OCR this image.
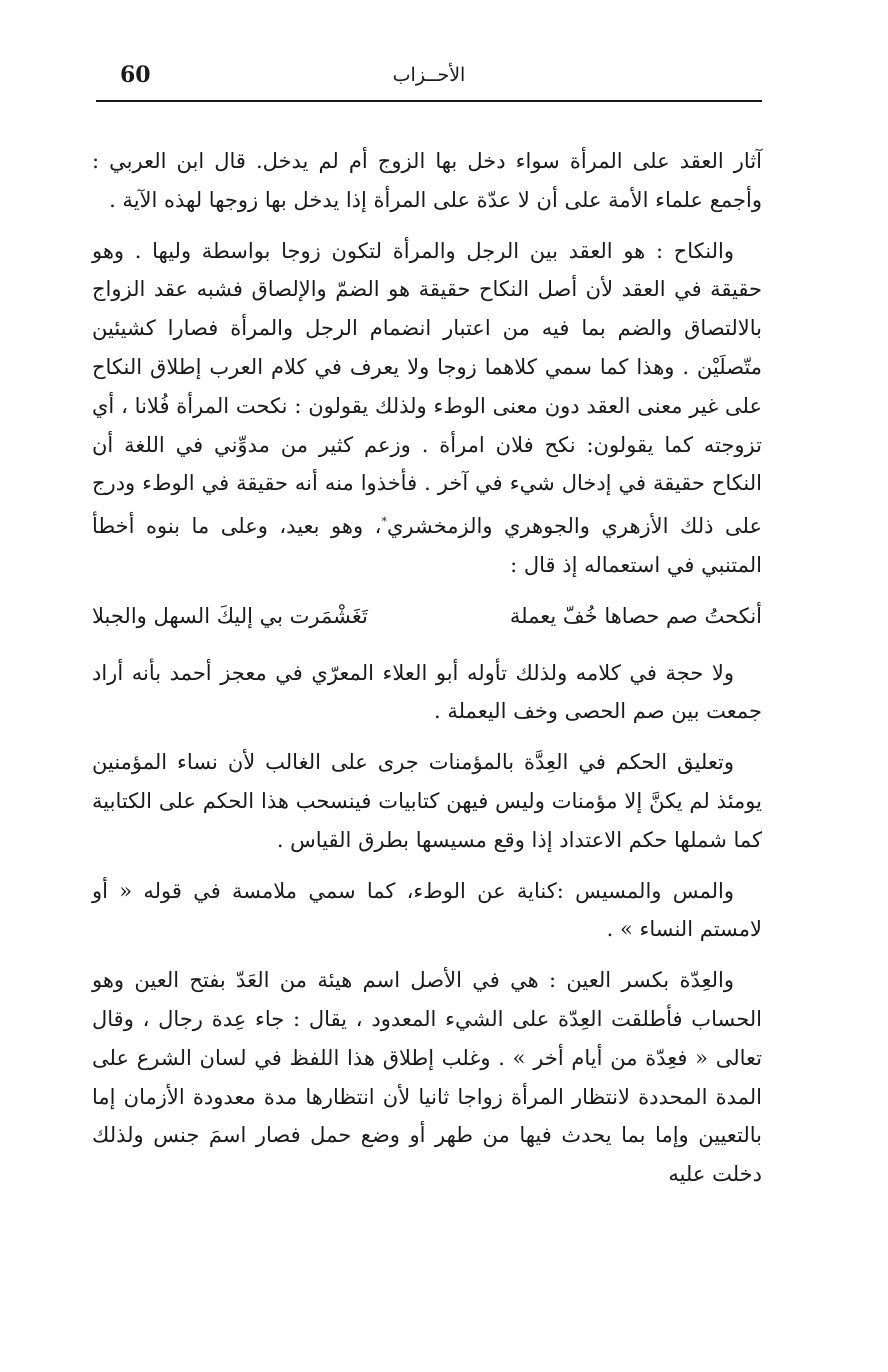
60	الأحــزاب

آثار العقد على المرأة سواء دخل بها الزوج أم لم يدخل. قال ابن العربي : وأجمع علماء الأمة على أن لا عدّة على المرأة إذا يدخل بها زوجها لهذه الآية .

والنكاح : هو العقد بين الرجل والمرأة لتكون زوجا بواسطة وليها . وهو حقيقة في العقد لأن أصل النكاح حقيقة هو الضمّ والإلصاق فشبه عقد الزواج بالالتصاق والضم بما فيه من اعتبار انضمام الرجل والمرأة فصارا كشيئين متّصلَيْن . وهذا كما سمي كلاهما زوجا ولا يعرف في كلام العرب إطلاق النكاح على غير معنى العقد دون معنى الوطء ولذلك يقولون : نكحت المرأة فُلانا ، أي تزوجته كما يقولون: نكح فلان امرأة . وزعم كثير من مدوِّني في اللغة أن النكاح حقيقة في إدخال شيء في آخر . فأخذوا منه أنه حقيقة في الوطء ودرج على ذلك الأزهري والجوهري والزمخشري*، وهو بعيد، وعلى ما بنوه أخطأ المتنبي في استعماله إذ قال :

أنكحتُ صم حصاها خُفّ يعملة
تَغَشْمَرت بي إليكَ السهل والجبلا

ولا حجة في كلامه ولذلك تأوله أبو العلاء المعرّي في معجز أحمد بأنه أراد جمعت بين صم الحصى وخف اليعملة .

وتعليق الحكم في العِدَّة بالمؤمنات جرى على الغالب لأن نساء المؤمنين يومئذ لم يكنَّ إلا مؤمنات وليس فيهن كتابيات فينسحب هذا الحكم على الكتابية كما شملها حكم الاعتداد إذا وقع مسيسها بطرق القياس .

والمس والمسيس :كناية عن الوطء، كما سمي ملامسة في قوله « أو لامستم النساء » .

والعِدّة بكسر العين : هي في الأصل اسم هيئة من العَدّ بفتح العين وهو الحساب فأطلقت العِدّة على الشيء المعدود ، يقال : جاء عِدة رجال ، وقال تعالى « فعِدّة من أيام أخر » . وغلب إطلاق هذا اللفظ في لسان الشرع على المدة المحددة لانتظار المرأة زواجا ثانيا لأن انتظارها مدة معدودة الأزمان إما بالتعيين وإما بما يحدث فيها من طهر أو وضع حمل فصار اسمَ جنس ولذلك دخلت عليه
